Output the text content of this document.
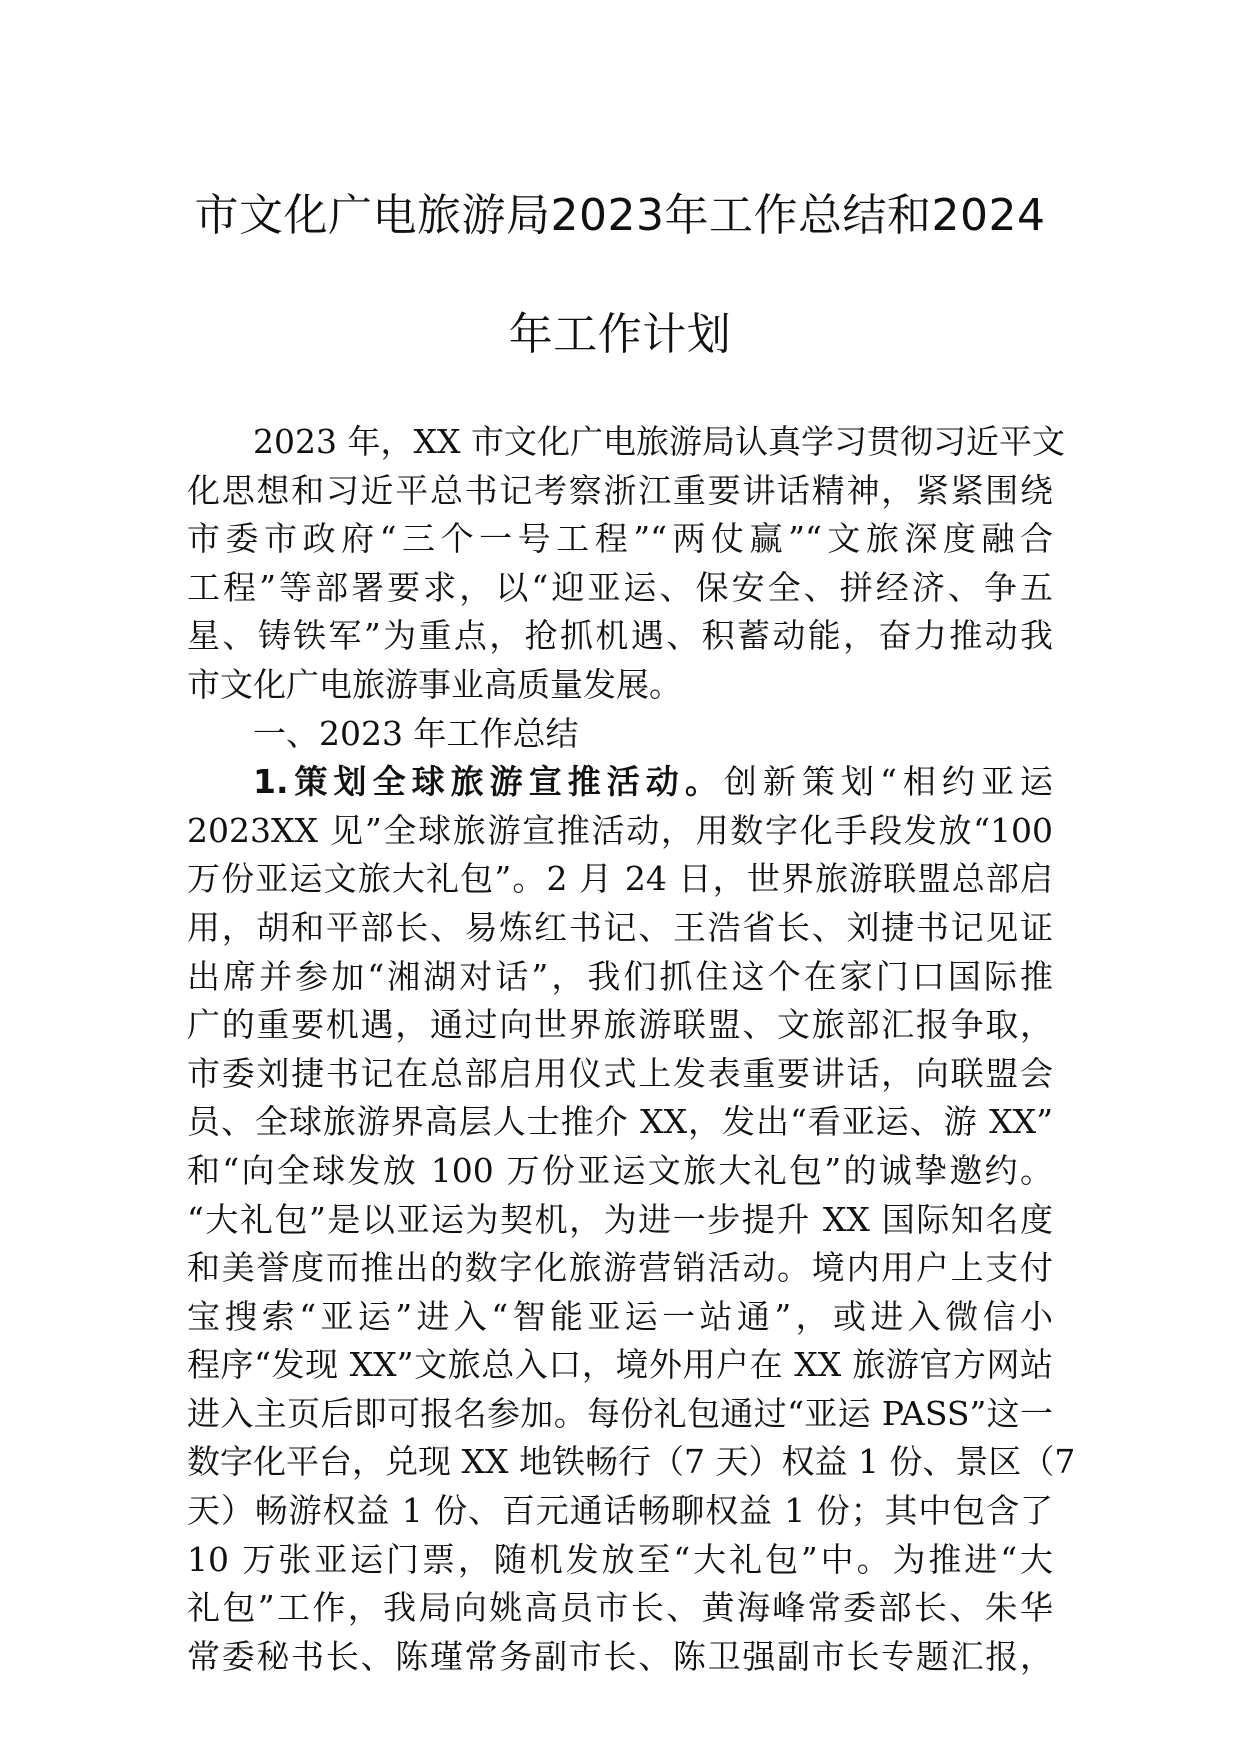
市文化广电旅游局2023年工作总结和2024
年工作计划
2023 年，XX 市文化广电旅游局认真学习贯彻习近平文
化思想和习近平总书记考察浙江重要讲话精神，紧紧围绕
市委市政府“三个一号工程”“两仗赢”“文旅深度融合
工程”等部署要求，以“迎亚运、保安全、拼经济、争五
星、铸铁军”为重点，抢抓机遇、积蓄动能，奋力推动我
市文化广电旅游事业高质量发展。
一、2023 年工作总结
1.策划全球旅游宣推活动。创新策划“相约亚运
2023XX 见”全球旅游宣推活动，用数字化手段发放“100
万份亚运文旅大礼包”。2 月 24 日，世界旅游联盟总部启
用，胡和平部长、易炼红书记、王浩省长、刘捷书记见证
出席并参加“湘湖对话”，我们抓住这个在家门口国际推
广的重要机遇，通过向世界旅游联盟、文旅部汇报争取，
市委刘捷书记在总部启用仪式上发表重要讲话，向联盟会
员、全球旅游界高层人士推介 XX，发出“看亚运、游 XX”
和“向全球发放 100 万份亚运文旅大礼包”的诚挚邀约。
“大礼包”是以亚运为契机，为进一步提升 XX 国际知名度
和美誉度而推出的数字化旅游营销活动。境内用户上支付
宝搜索“亚运”进入“智能亚运一站通”，或进入微信小
程序“发现 XX”文旅总入口，境外用户在 XX 旅游官方网站
进入主页后即可报名参加。每份礼包通过“亚运 PASS”这一
数字化平台，兑现 XX 地铁畅行（7 天）权益 1 份、景区（7
天）畅游权益 1 份、百元通话畅聊权益 1 份；其中包含了
10 万张亚运门票，随机发放至“大礼包”中。为推进“大
礼包”工作，我局向姚高员市长、黄海峰常委部长、朱华
常委秘书长、陈瑾常务副市长、陈卫强副市长专题汇报，
